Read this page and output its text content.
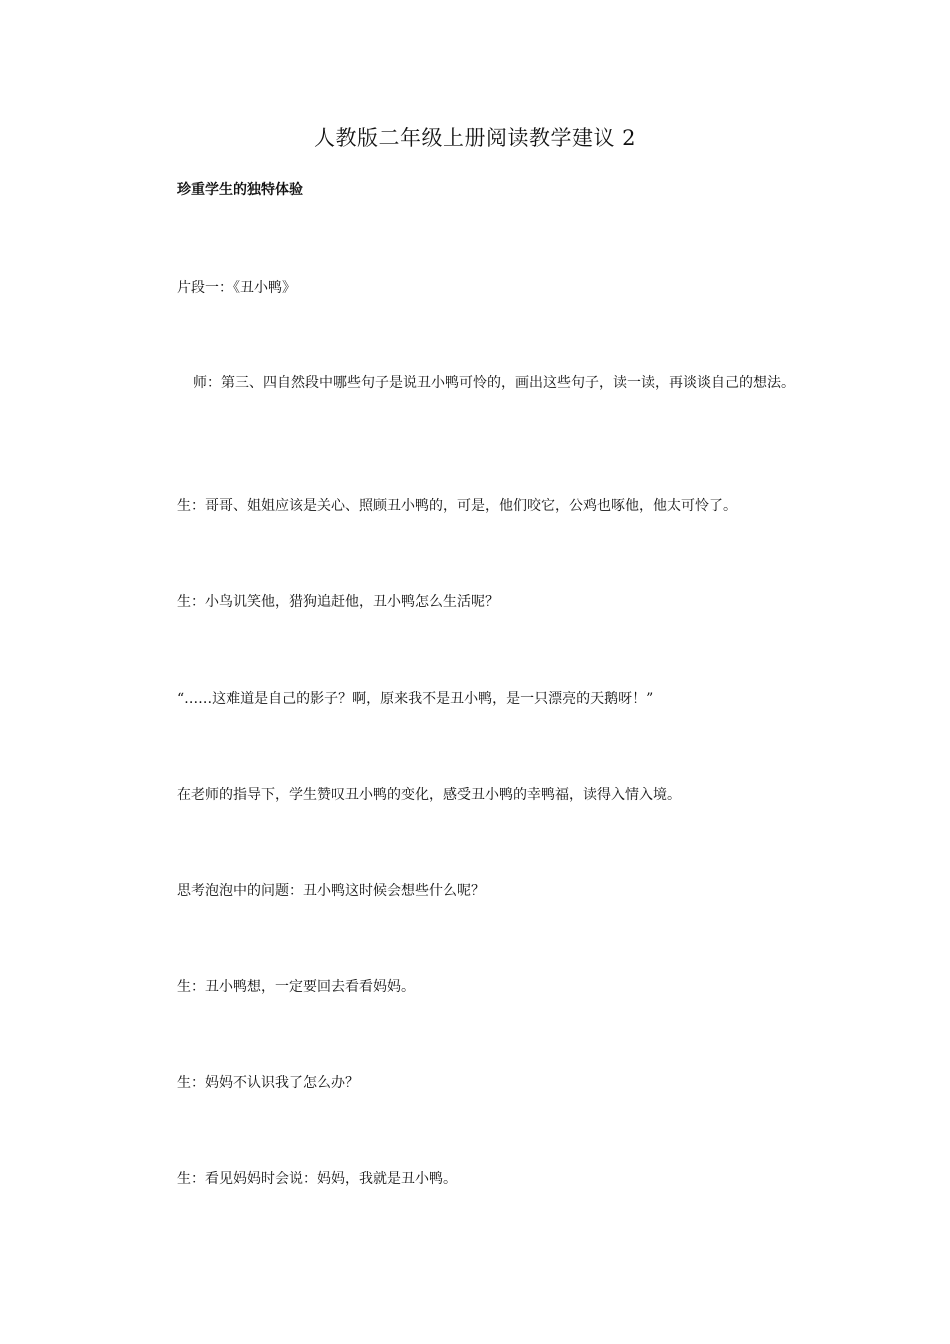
人教版二年级上册阅读教学建议 2
珍重学生的独特体验
片段一：《丑小鸭》
师：第三、四自然段中哪些句子是说丑小鸭可怜的，画出这些句子，读一读，再谈谈自己的想法。
生：哥哥、姐姐应该是关心、照顾丑小鸭的，可是，他们咬它，公鸡也啄他，他太可怜了。
生：小鸟讥笑他，猎狗追赶他，丑小鸭怎么生活呢？
“……这难道是自己的影子？啊，原来我不是丑小鸭，是一只漂亮的天鹅呀！”
在老师的指导下，学生赞叹丑小鸭的变化，感受丑小鸭的幸鸭福，读得入情入境。
思考泡泡中的问题：丑小鸭这时候会想些什么呢？
生：丑小鸭想，一定要回去看看妈妈。
生：妈妈不认识我了怎么办？
生：看见妈妈时会说：妈妈，我就是丑小鸭。
